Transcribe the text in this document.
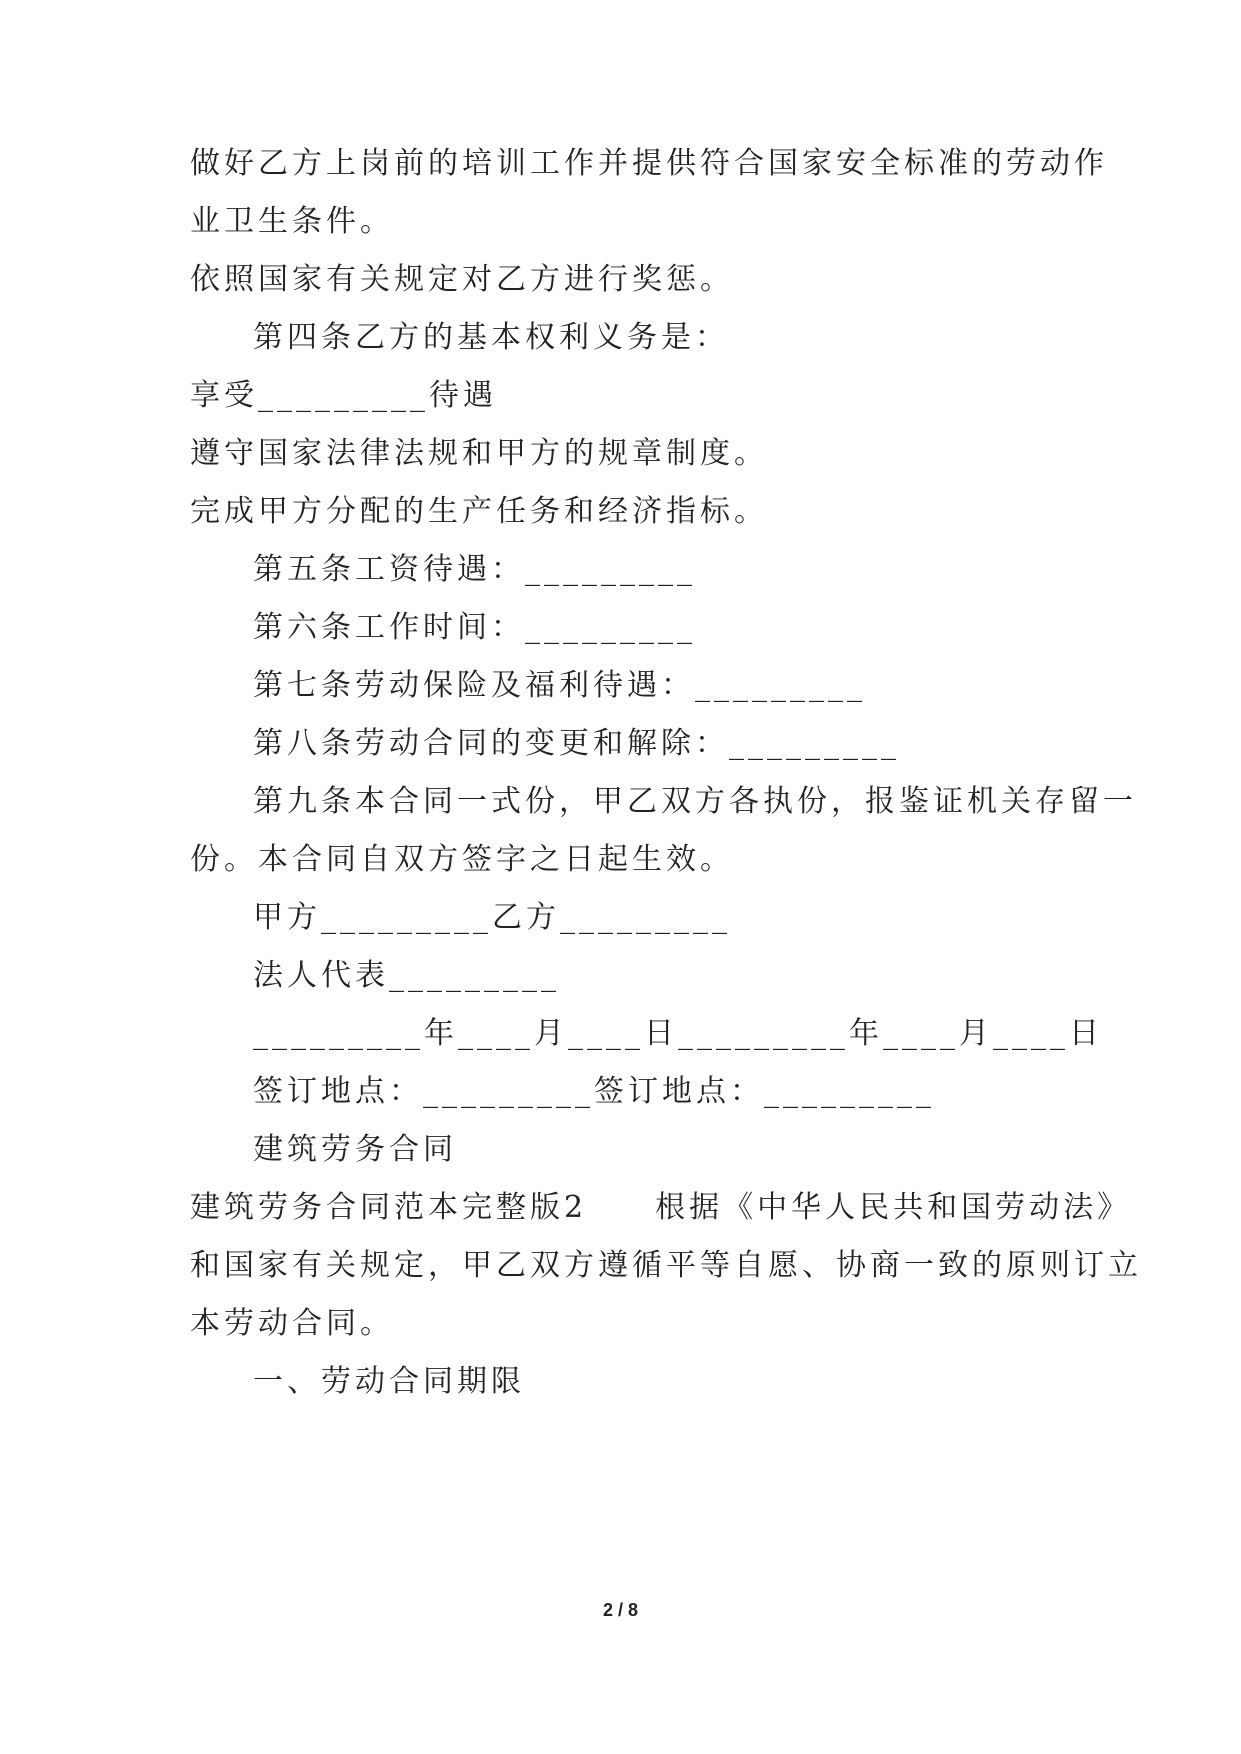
做好乙方上岗前的培训工作并提供符合国家安全标准的劳动作
业卫生条件。
依照国家有关规定对乙方进行奖惩。
第四条乙方的基本权利义务是：
享受_________待遇
遵守国家法律法规和甲方的规章制度。
完成甲方分配的生产任务和经济指标。
第五条工资待遇：_________
第六条工作时间：_________
第七条劳动保险及福利待遇：_________
第八条劳动合同的变更和解除：_________
第九条本合同一式份，甲乙双方各执份，报鉴证机关存留一
份。本合同自双方签字之日起生效。
甲方_________乙方_________
法人代表_________
_________年____月____日_________年____月____日
签订地点：_________签订地点：_________
建筑劳务合同
建筑劳务合同范本完整版2　　根据《中华人民共和国劳动法》
和国家有关规定，甲乙双方遵循平等自愿、协商一致的原则订立
本劳动合同。
一、劳动合同期限
2 / 8
